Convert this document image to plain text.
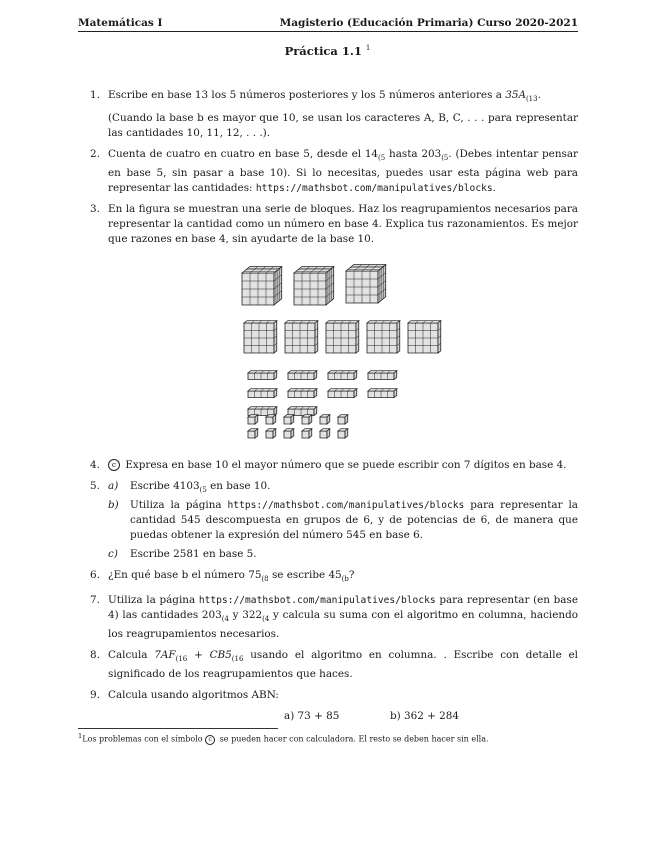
Matemáticas I	Magisterio (Educación Primaria) Curso 2020-2021
Práctica 1.1 $^1$
1. Escribe en base 13 los 5 números posteriores y los 5 números anteriores a $35A_{(13}$.

(Cuando la base b es mayor que 10, se usan los caracteres A, B, C, . . . para representar las cantidades 10, 11, 12, . . .).

2. Cuenta de cuatro en cuatro en base 5, desde el $14_{(5}$ hasta $203_{(5}$. (Debes intentar pensar en base 5, sin pasar a base 10). Si lo necesitas, puedes usar esta página web para representar las cantidades: https://mathsbot.com/manipulatives/blocks.

3. En la figura se muestran una serie de bloques. Haz los reagrupamientos necesarios para representar la cantidad como un número en base 4. Explica tus razonamientos. Es mejor que razones en base 4, sin ayudarte de la base 10.

4.	c Expresa en base 10 el mayor número que se puede escribir con 7 dígitos en base 4.

5. a) Escribe $4103_{(5}$ en base 10.
b) Utiliza la página https://mathsbot.com/manipulatives/blocks para representar la cantidad 545 descompuesta en grupos de 6, y de potencias de 6, de manera que puedas obtener la expresión del número 545 en base 6.
c) Escribe 2581 en base 5.
6. ¿En qué base b el número $75_{(8}$ se escribe $45_{(b}$?

7. Utiliza la página https://mathsbot.com/manipulatives/blocks para representar (en base 4) las cantidades $203_{(4}$ y $322_{(4}$ y calcula su suma con el algoritmo en columna, haciendo los reagrupamientos necesarios.

8. Calcula $7AF_{(16} + CB5_{(16}$ usando el algoritmo en columna. . Escribe con detalle el significado de los reagrupamientos que haces.

9. Calcula usando algoritmos ABN:

a) 73 + 85	b) 362 + 284
$^1$Los problemas con el símbolo c se pueden hacer con calculadora. El resto se deben hacer sin ella.
